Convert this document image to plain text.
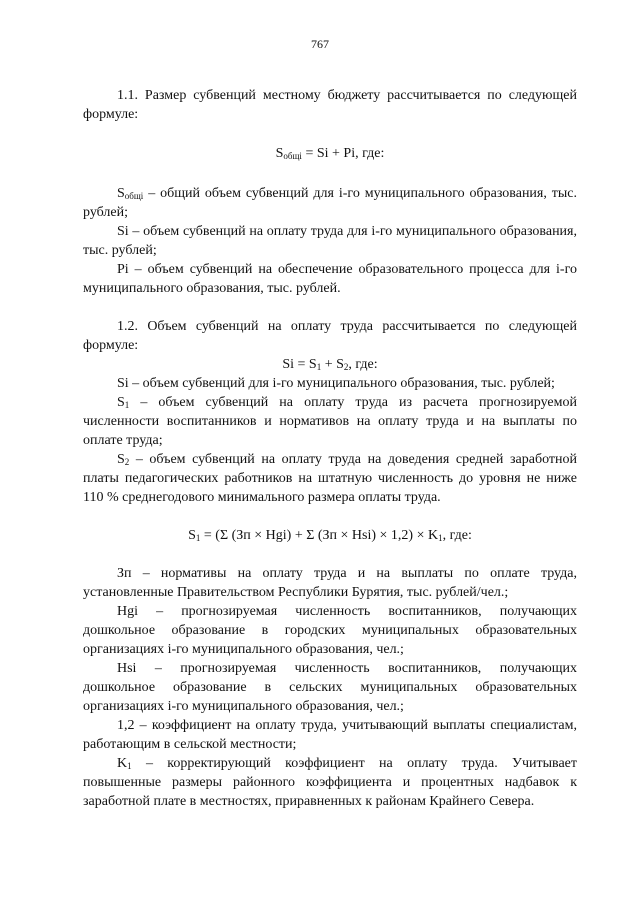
767

1.1. Размер субвенций местному бюджету рассчитывается по следующей формуле:

$S_{общi} = Si + Pi$, где:

$S_{общi}$ – общий объем субвенций для i-го муниципального образования, тыс. рублей;

Si – объем субвенций на оплату труда для i-го муниципального образования, тыс. рублей;

Pi – объем субвенций на обеспечение образовательного процесса для i-го муниципального образования, тыс. рублей.

1.2. Объем субвенций на оплату труда рассчитывается по следующей формуле:

$Si = S_1 + S_2$, где:

Si – объем субвенций для i-го муниципального образования, тыс. рублей;

$S_1$ – объем субвенций на оплату труда из расчета прогнозируемой численности воспитанников и нормативов на оплату труда и на выплаты по оплате труда;

$S_2$ – объем субвенций на оплату труда на доведения средней заработной платы педагогических работников на штатную численность до уровня не ниже 110 % среднегодового минимального размера оплаты труда.

$S_1 = (\Sigma$ (Зп × Hgi) + Σ $(Зп \times Hsi) \times 1,2) \times K_1$, где:

Зп – нормативы на оплату труда и на выплаты по оплате труда, установленные Правительством Республики Бурятия, тыс. рублей/чел.;

Hgi – прогнозируемая численность воспитанников, получающих дошкольное образование в городских муниципальных образовательных организациях i-го муниципального образования, чел.;

Hsi – прогнозируемая численность воспитанников, получающих дошкольное образование в сельских муниципальных образовательных организациях i-го муниципального образования, чел.;

1,2 – коэффициент на оплату труда, учитывающий выплаты специалистам, работающим в сельской местности;

$K_1$ – корректирующий коэффициент на оплату труда. Учитывает повышенные размеры районного коэффициента и процентных надбавок к заработной плате в местностях, приравненных к районам Крайнего Севера.
